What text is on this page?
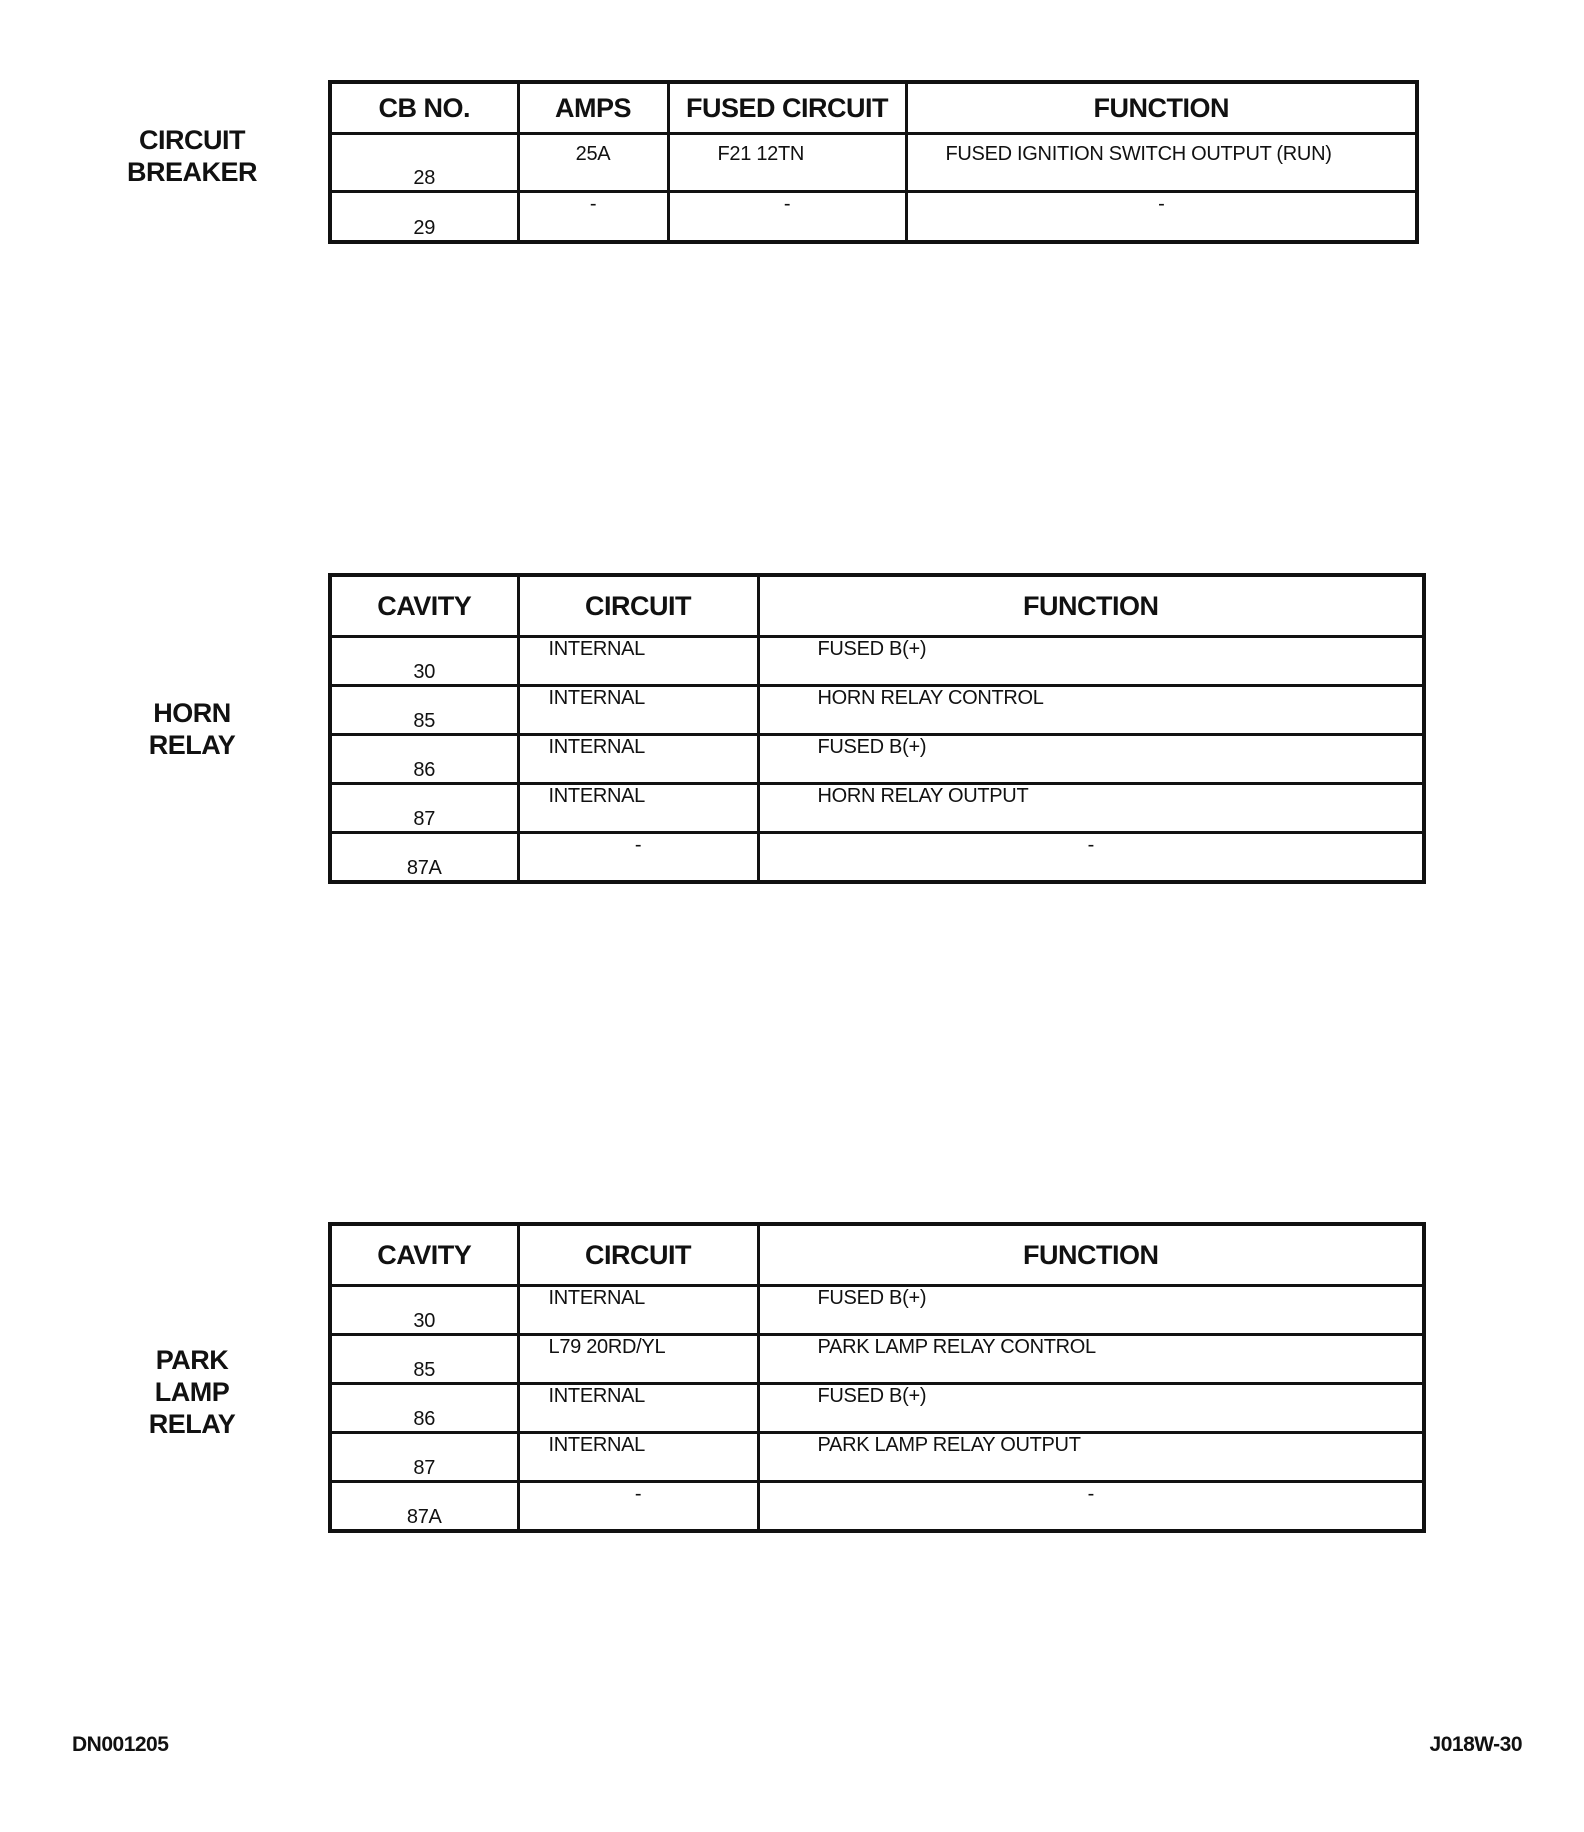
CIRCUIT
BREAKER
CB NO.	AMPS	FUSED CIRCUIT	FUNCTION
28	25A	F21 12TN	FUSED IGNITION SWITCH OUTPUT (RUN)
29	-	-	-
HORN
RELAY
CAVITY	CIRCUIT	FUNCTION
30	INTERNAL	FUSED B(+)
85	INTERNAL	HORN RELAY CONTROL
86	INTERNAL	FUSED B(+)
87	INTERNAL	HORN RELAY OUTPUT
87A	-	-
PARK
LAMP
RELAY
CAVITY	CIRCUIT	FUNCTION
30	INTERNAL	FUSED B(+)
85	L79 20RD/YL	PARK LAMP RELAY CONTROL
86	INTERNAL	FUSED B(+)
87	INTERNAL	PARK LAMP RELAY OUTPUT
87A	-	-
DN001205	J018W-30
